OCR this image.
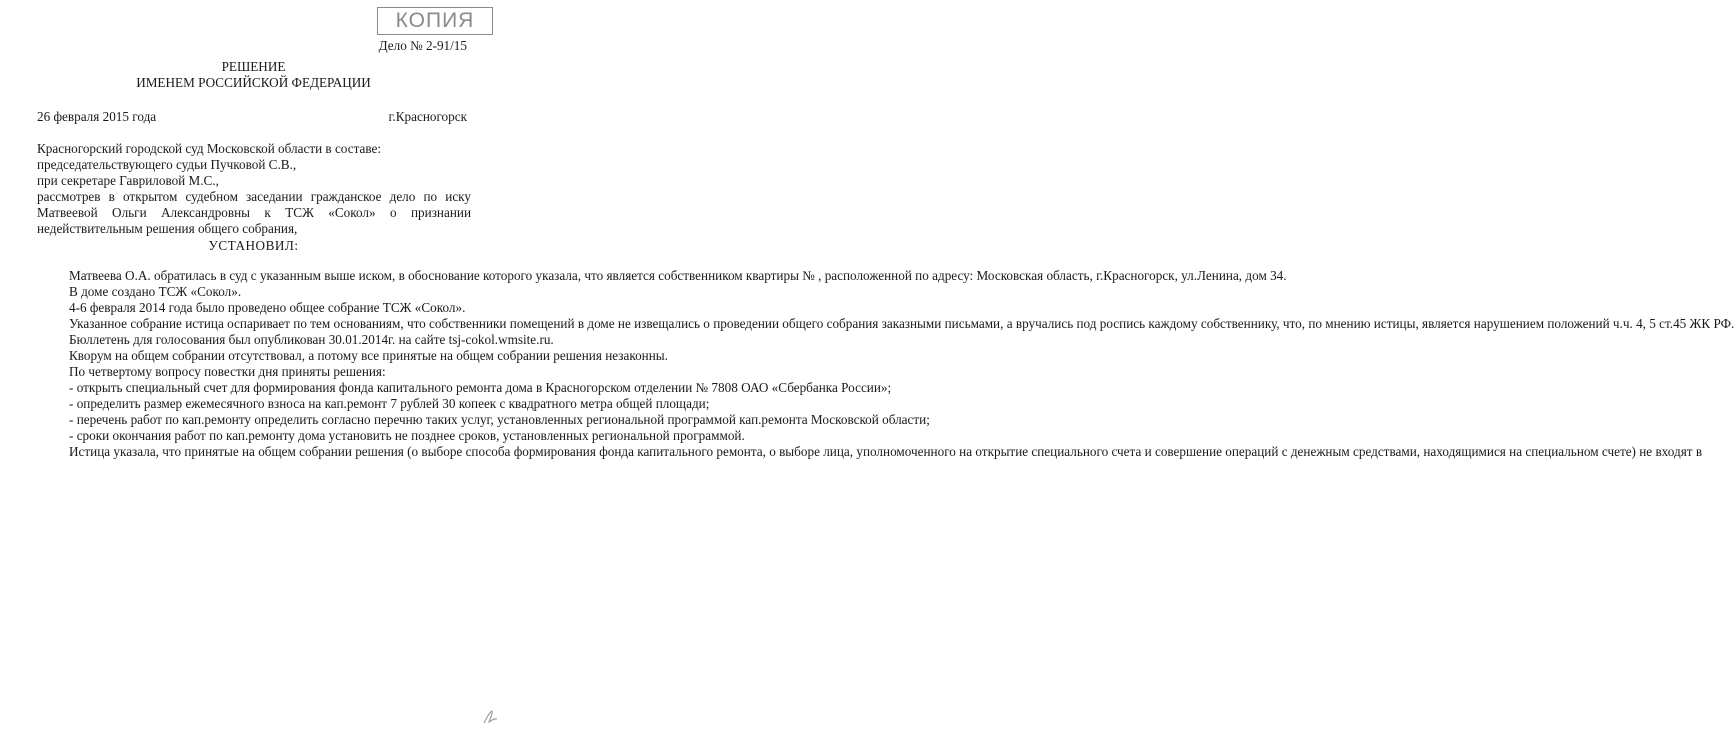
КОПИЯ
Дело № 2-91/15
РЕШЕНИЕ
ИМЕНЕМ РОССИЙСКОЙ ФЕДЕРАЦИИ
26 февраля 2015 года	г.Красногорск
Красногорский городской суд Московской области в составе:
председательствующего судьи Пучковой С.В.,
при секретаре Гавриловой М.С.,
рассмотрев в открытом судебном заседании гражданское дело по иску
Матвеевой Ольги Александровны к ТСЖ «Сокол» о признании
недействительным решения общего собрания,
УСТАНОВИЛ:
Матвеева О.А. обратилась в суд с указанным выше иском, в обоснование которого указала, что является собственником квартиры № , расположенной по адресу: Московская область, г.Красногорск, ул.Ленина, дом 34.
В доме создано ТСЖ «Сокол».
4-6 февраля 2014 года было проведено общее собрание ТСЖ «Сокол».
Указанное собрание истица оспаривает по тем основаниям, что собственники помещений в доме не извещались о проведении общего собрания заказными письмами, а вручались под роспись каждому собственнику, что, по мнению истицы, является нарушением положений ч.ч. 4, 5 ст.45 ЖК РФ.
Бюллетень для голосования был опубликован 30.01.2014г. на сайте tsj-cokol.wmsite.ru.
Кворум на общем собрании отсутствовал, а потому все принятые на общем собрании решения незаконны.
По четвертому вопросу повестки дня приняты решения:
- открыть специальный счет для формирования фонда капитального ремонта дома в Красногорском отделении № 7808 ОАО «Сбербанка России»;
- определить размер ежемесячного взноса на кап.ремонт 7 рублей 30 копеек с квадратного метра общей площади;
- перечень работ по кап.ремонту определить согласно перечню таких услуг, установленных региональной программой кап.ремонта Московской области;
- сроки окончания работ по кап.ремонту дома установить не позднее сроков, установленных региональной программой.
Истица указала, что принятые на общем собрании решения (о выборе способа формирования фонда капитального ремонта, о выборе лица, уполномоченного на открытие специального счета и совершение операций с денежным средствами, находящимися на специальном счете) не входят в
